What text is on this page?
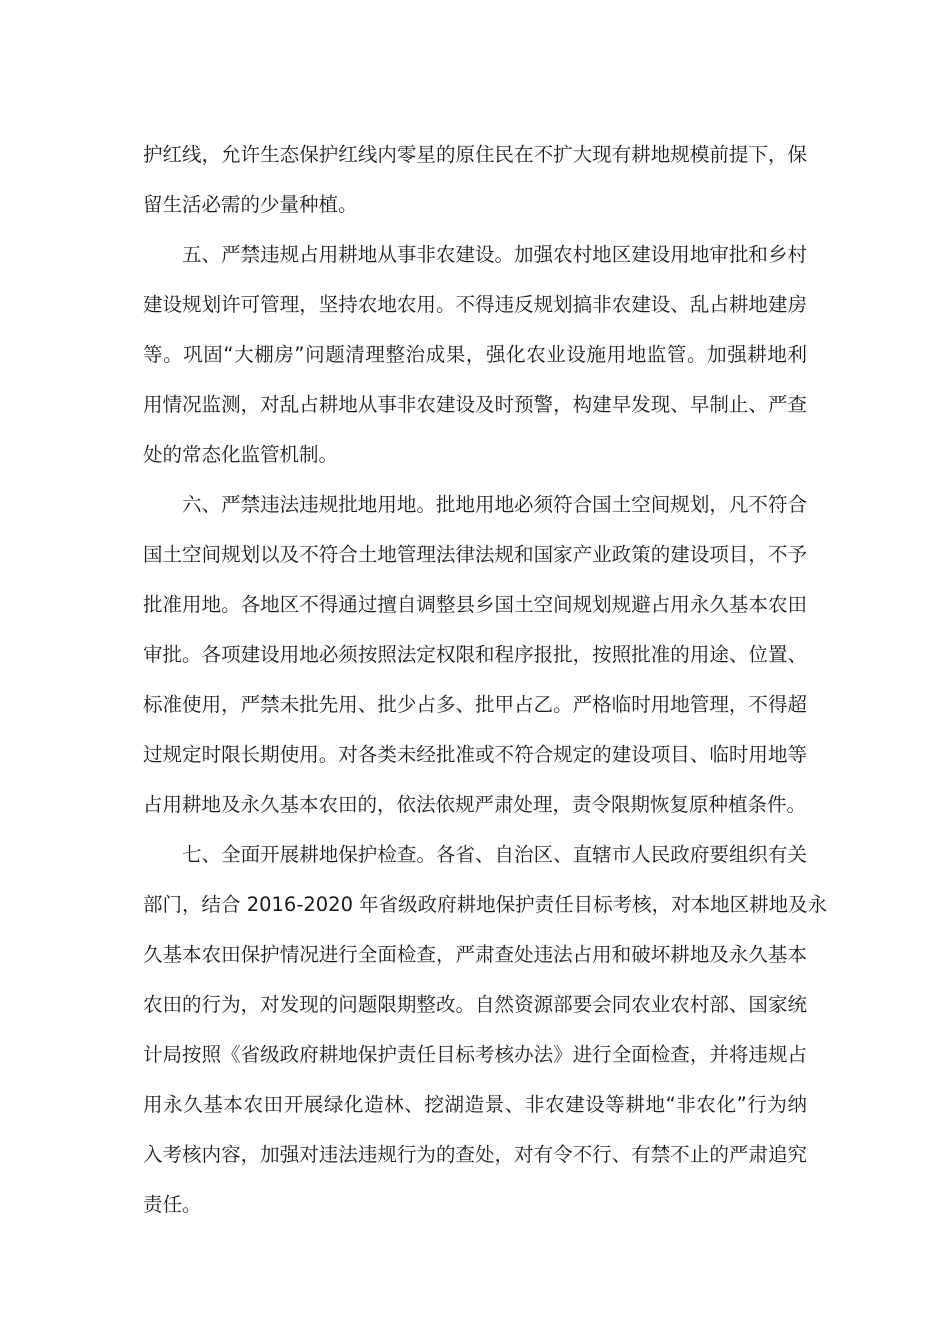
护红线，允许生态保护红线内零星的原住民在不扩大现有耕地规模前提下，保
留生活必需的少量种植。
五、严禁违规占用耕地从事非农建设。加强农村地区建设用地审批和乡村
建设规划许可管理，坚持农地农用。不得违反规划搞非农建设、乱占耕地建房
等。巩固“大棚房”问题清理整治成果，强化农业设施用地监管。加强耕地利
用情况监测，对乱占耕地从事非农建设及时预警，构建早发现、早制止、严查
处的常态化监管机制。
六、严禁违法违规批地用地。批地用地必须符合国土空间规划，凡不符合
国土空间规划以及不符合土地管理法律法规和国家产业政策的建设项目，不予
批准用地。各地区不得通过擅自调整县乡国土空间规划规避占用永久基本农田
审批。各项建设用地必须按照法定权限和程序报批，按照批准的用途、位置、
标准使用，严禁未批先用、批少占多、批甲占乙。严格临时用地管理，不得超
过规定时限长期使用。对各类未经批准或不符合规定的建设项目、临时用地等
占用耕地及永久基本农田的，依法依规严肃处理，责令限期恢复原种植条件。
七、全面开展耕地保护检查。各省、自治区、直辖市人民政府要组织有关
部门，结合 2016-2020 年省级政府耕地保护责任目标考核，对本地区耕地及永
久基本农田保护情况进行全面检查，严肃查处违法占用和破坏耕地及永久基本
农田的行为，对发现的问题限期整改。自然资源部要会同农业农村部、国家统
计局按照《省级政府耕地保护责任目标考核办法》进行全面检查，并将违规占
用永久基本农田开展绿化造林、挖湖造景、非农建设等耕地“非农化”行为纳
入考核内容，加强对违法违规行为的查处，对有令不行、有禁不止的严肃追究
责任。
